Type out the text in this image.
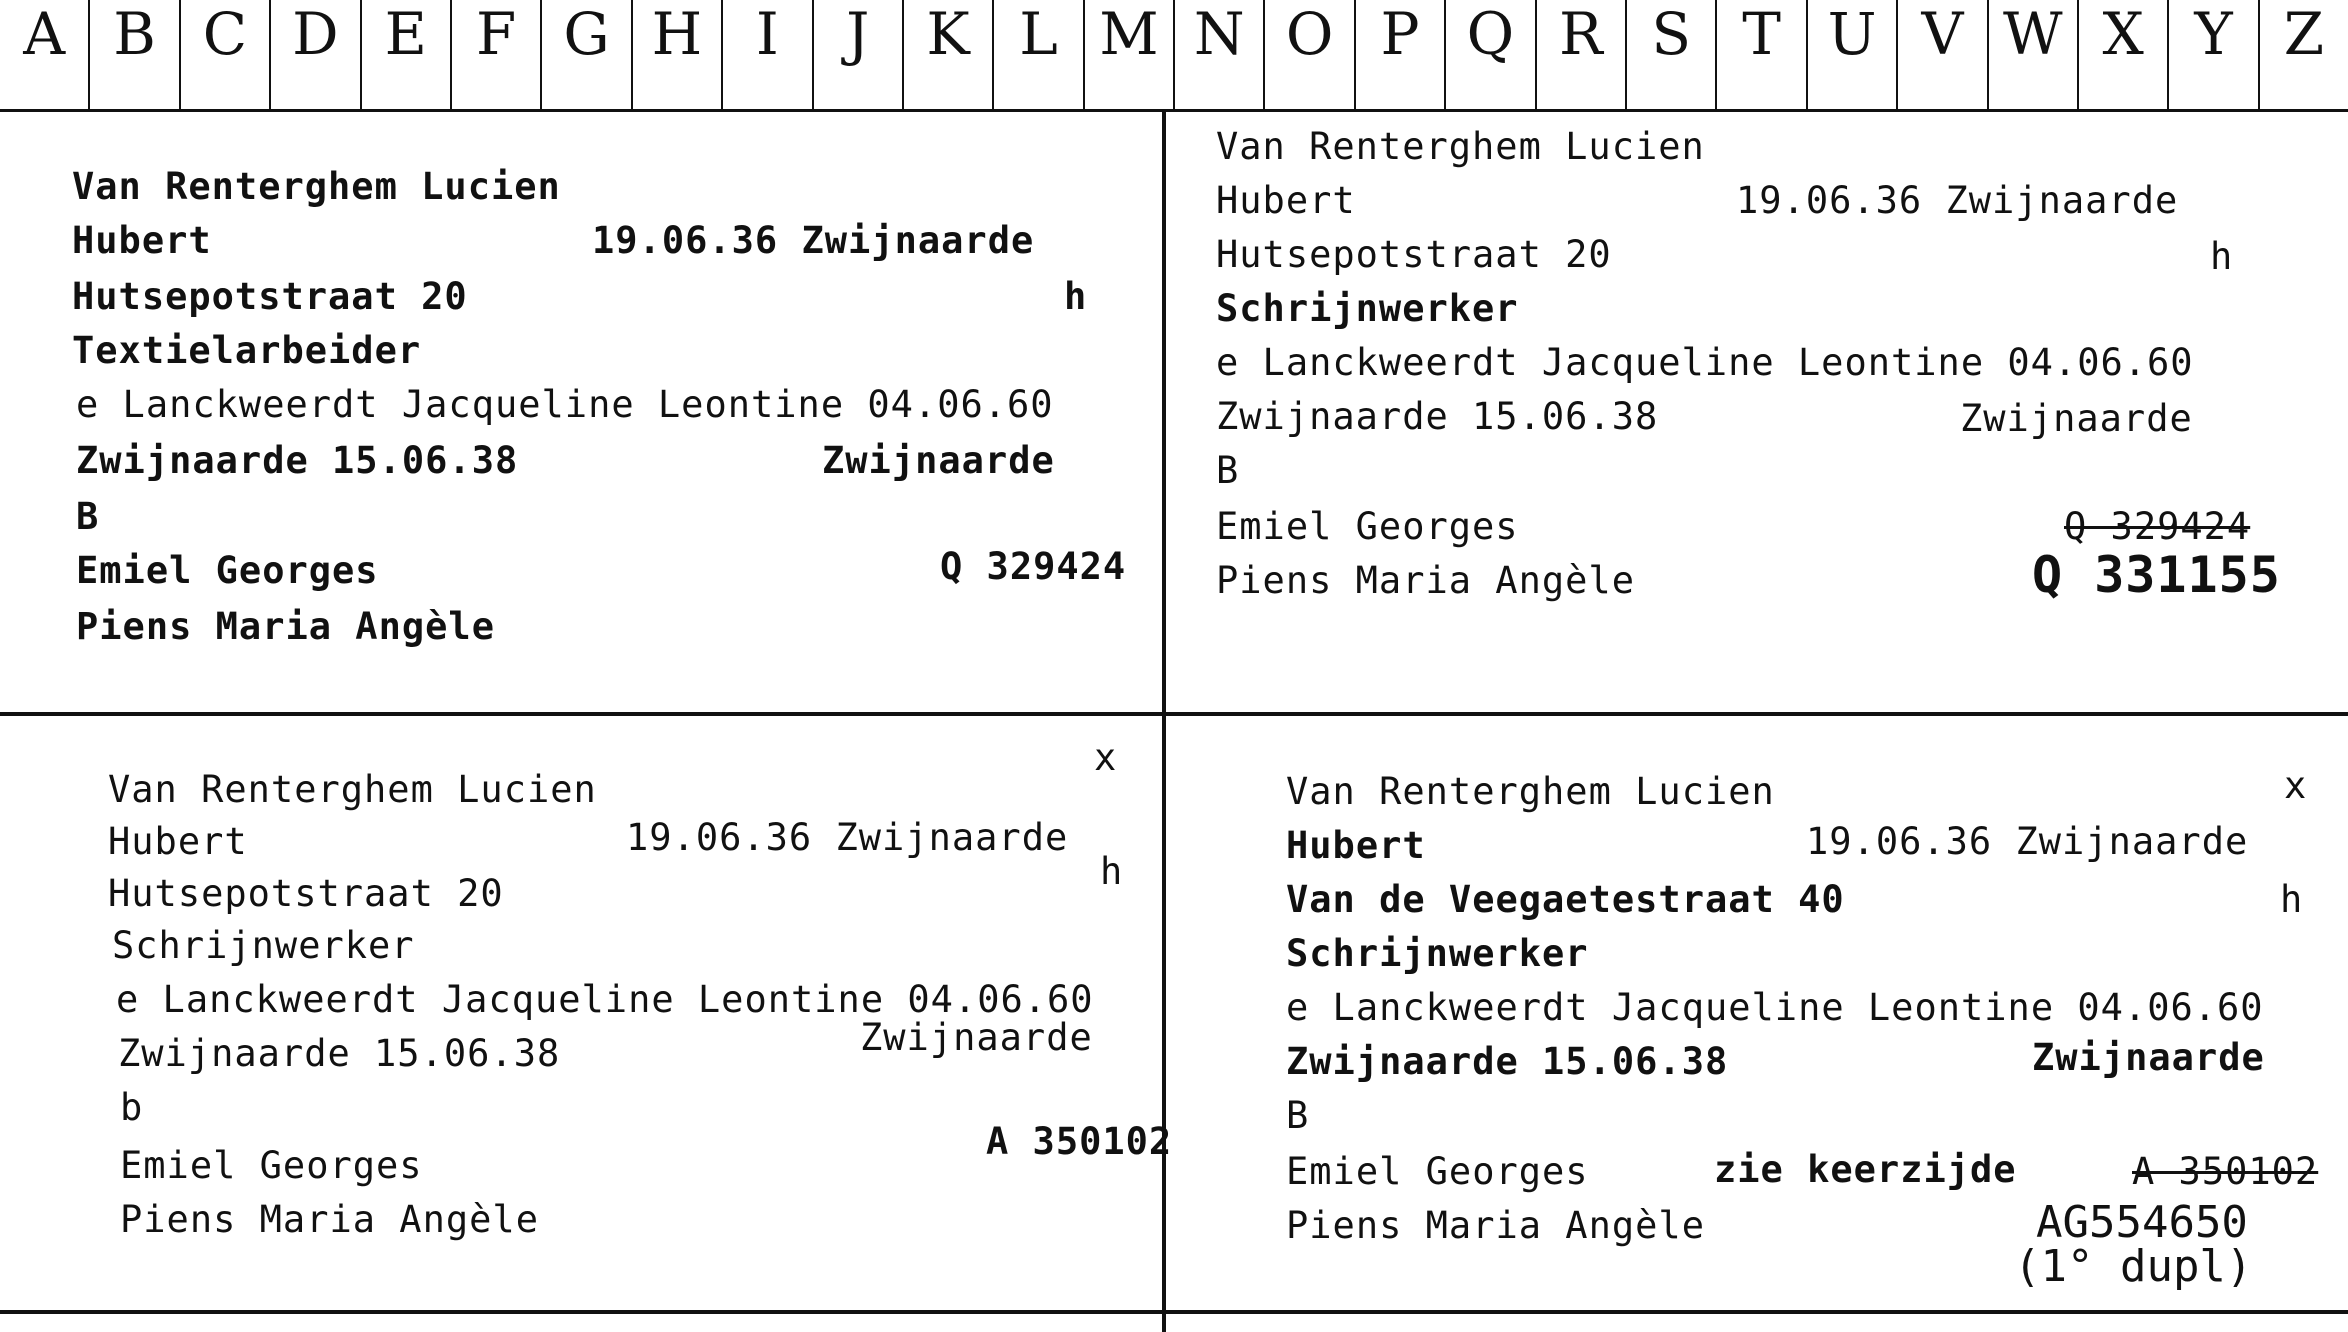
A B C D E F G H I	J K L M N O P Q R S T U V W X Y Z
Van Renterghem Lucien
Hubert	19.06.36 Zwijnaarde
Hutsepotstraat 20	h
Textielarbeider
e Lanckweerdt Jacqueline Leontine 04.06.60
Zwijnaarde 15.06.38	Zwijnaarde
B
Emiel Georges	Q 329424
Piens Maria Angèle
Van Renterghem Lucien
Hubert	19.06.36 Zwijnaarde
Hutsepotstraat 20	h
Schrijnwerker
e Lanckweerdt Jacqueline Leontine 04.06.60
Zwijnaarde 15.06.38	Zwijnaarde
B
Emiel Georges	Q 329424
Piens Maria Angèle	Q 331155
x
Van Renterghem Lucien
Hubert	19.06.36 Zwijnaarde
Hutsepotstraat 20
h
Schrijnwerker
e Lanckweerdt Jacqueline Leontine 04.06.60
Zwijnaarde 15.06.38	Zwijnaarde
b
Emiel Georges
A 350102
Piens Maria Angèle
x
Van Renterghem Lucien
Hubert	19.06.36 Zwijnaarde
Van de Veegaetestraat 40	h
Schrijnwerker
e Lanckweerdt Jacqueline Leontine 04.06.60
Zwijnaarde 15.06.38	Zwijnaarde
B
Emiel Georges	zie keerzijde	A 350102
Piens Maria Angèle	AG554650
(1° dupl)
